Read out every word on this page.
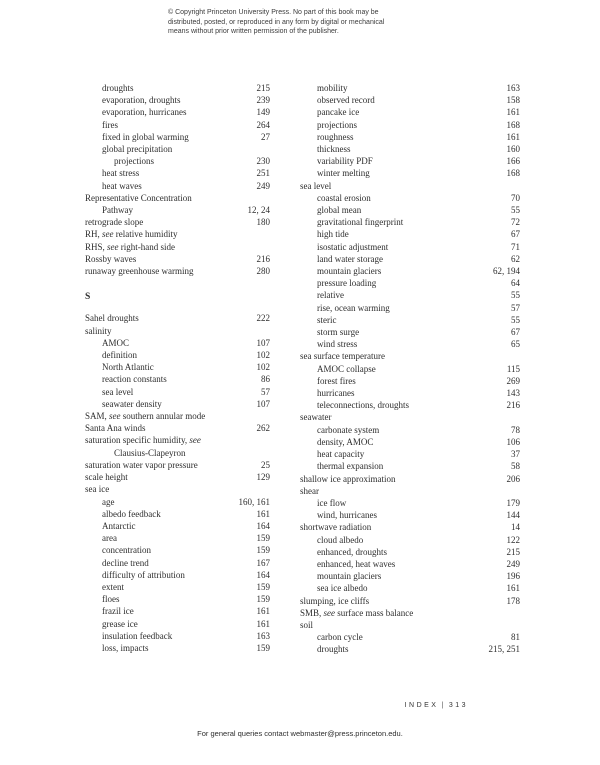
© Copyright Princeton University Press. No part of this book may be
distributed, posted, or reproduced in any form by digital or mechanical
means without prior written permission of the publisher.
droughts	215
evaporation, droughts	239
evaporation, hurricanes	149
fires	264
fixed in global warming	27
global precipitation
projections	230
heat stress	251
heat waves	249
Representative Concentration
Pathway	12, 24
retrograde slope	180
RH, see relative humidity
RHS, see right-hand side
Rossby waves	216
runaway greenhouse warming	280
S
Sahel droughts	222
salinity
AMOC	107
definition	102
North Atlantic	102
reaction constants	86
sea level	57
seawater density	107
SAM, see southern annular mode
Santa Ana winds	262
saturation specific humidity, see
Clausius-Clapeyron
saturation water vapor pressure	25
scale height	129
sea ice
age	160, 161
albedo feedback	161
Antarctic	164
area	159
concentration	159
decline trend	167
difficulty of attribution	164
extent	159
floes	159
frazil ice	161
grease ice	161
insulation feedback	163
loss, impacts	159
mobility	163
observed record	158
pancake ice	161
projections	168
roughness	161
thickness	160
variability PDF	166
winter melting	168
sea level
coastal erosion	70
global mean	55
gravitational fingerprint	72
high tide	67
isostatic adjustment	71
land water storage	62
mountain glaciers	62, 194
pressure loading	64
relative	55
rise, ocean warming	57
steric	55
storm surge	67
wind stress	65
sea surface temperature
AMOC collapse	115
forest fires	269
hurricanes	143
teleconnections, droughts	216
seawater
carbonate system	78
density, AMOC	106
heat capacity	37
thermal expansion	58
shallow ice approximation	206
shear
ice flow	179
wind, hurricanes	144
shortwave radiation	14
cloud albedo	122
enhanced, droughts	215
enhanced, heat waves	249
mountain glaciers	196
sea ice albedo	161
slumping, ice cliffs	178
SMB, see surface mass balance
soil
carbon cycle	81
droughts	215, 251
INDEX | 313
For general queries contact webmaster@press.princeton.edu.
